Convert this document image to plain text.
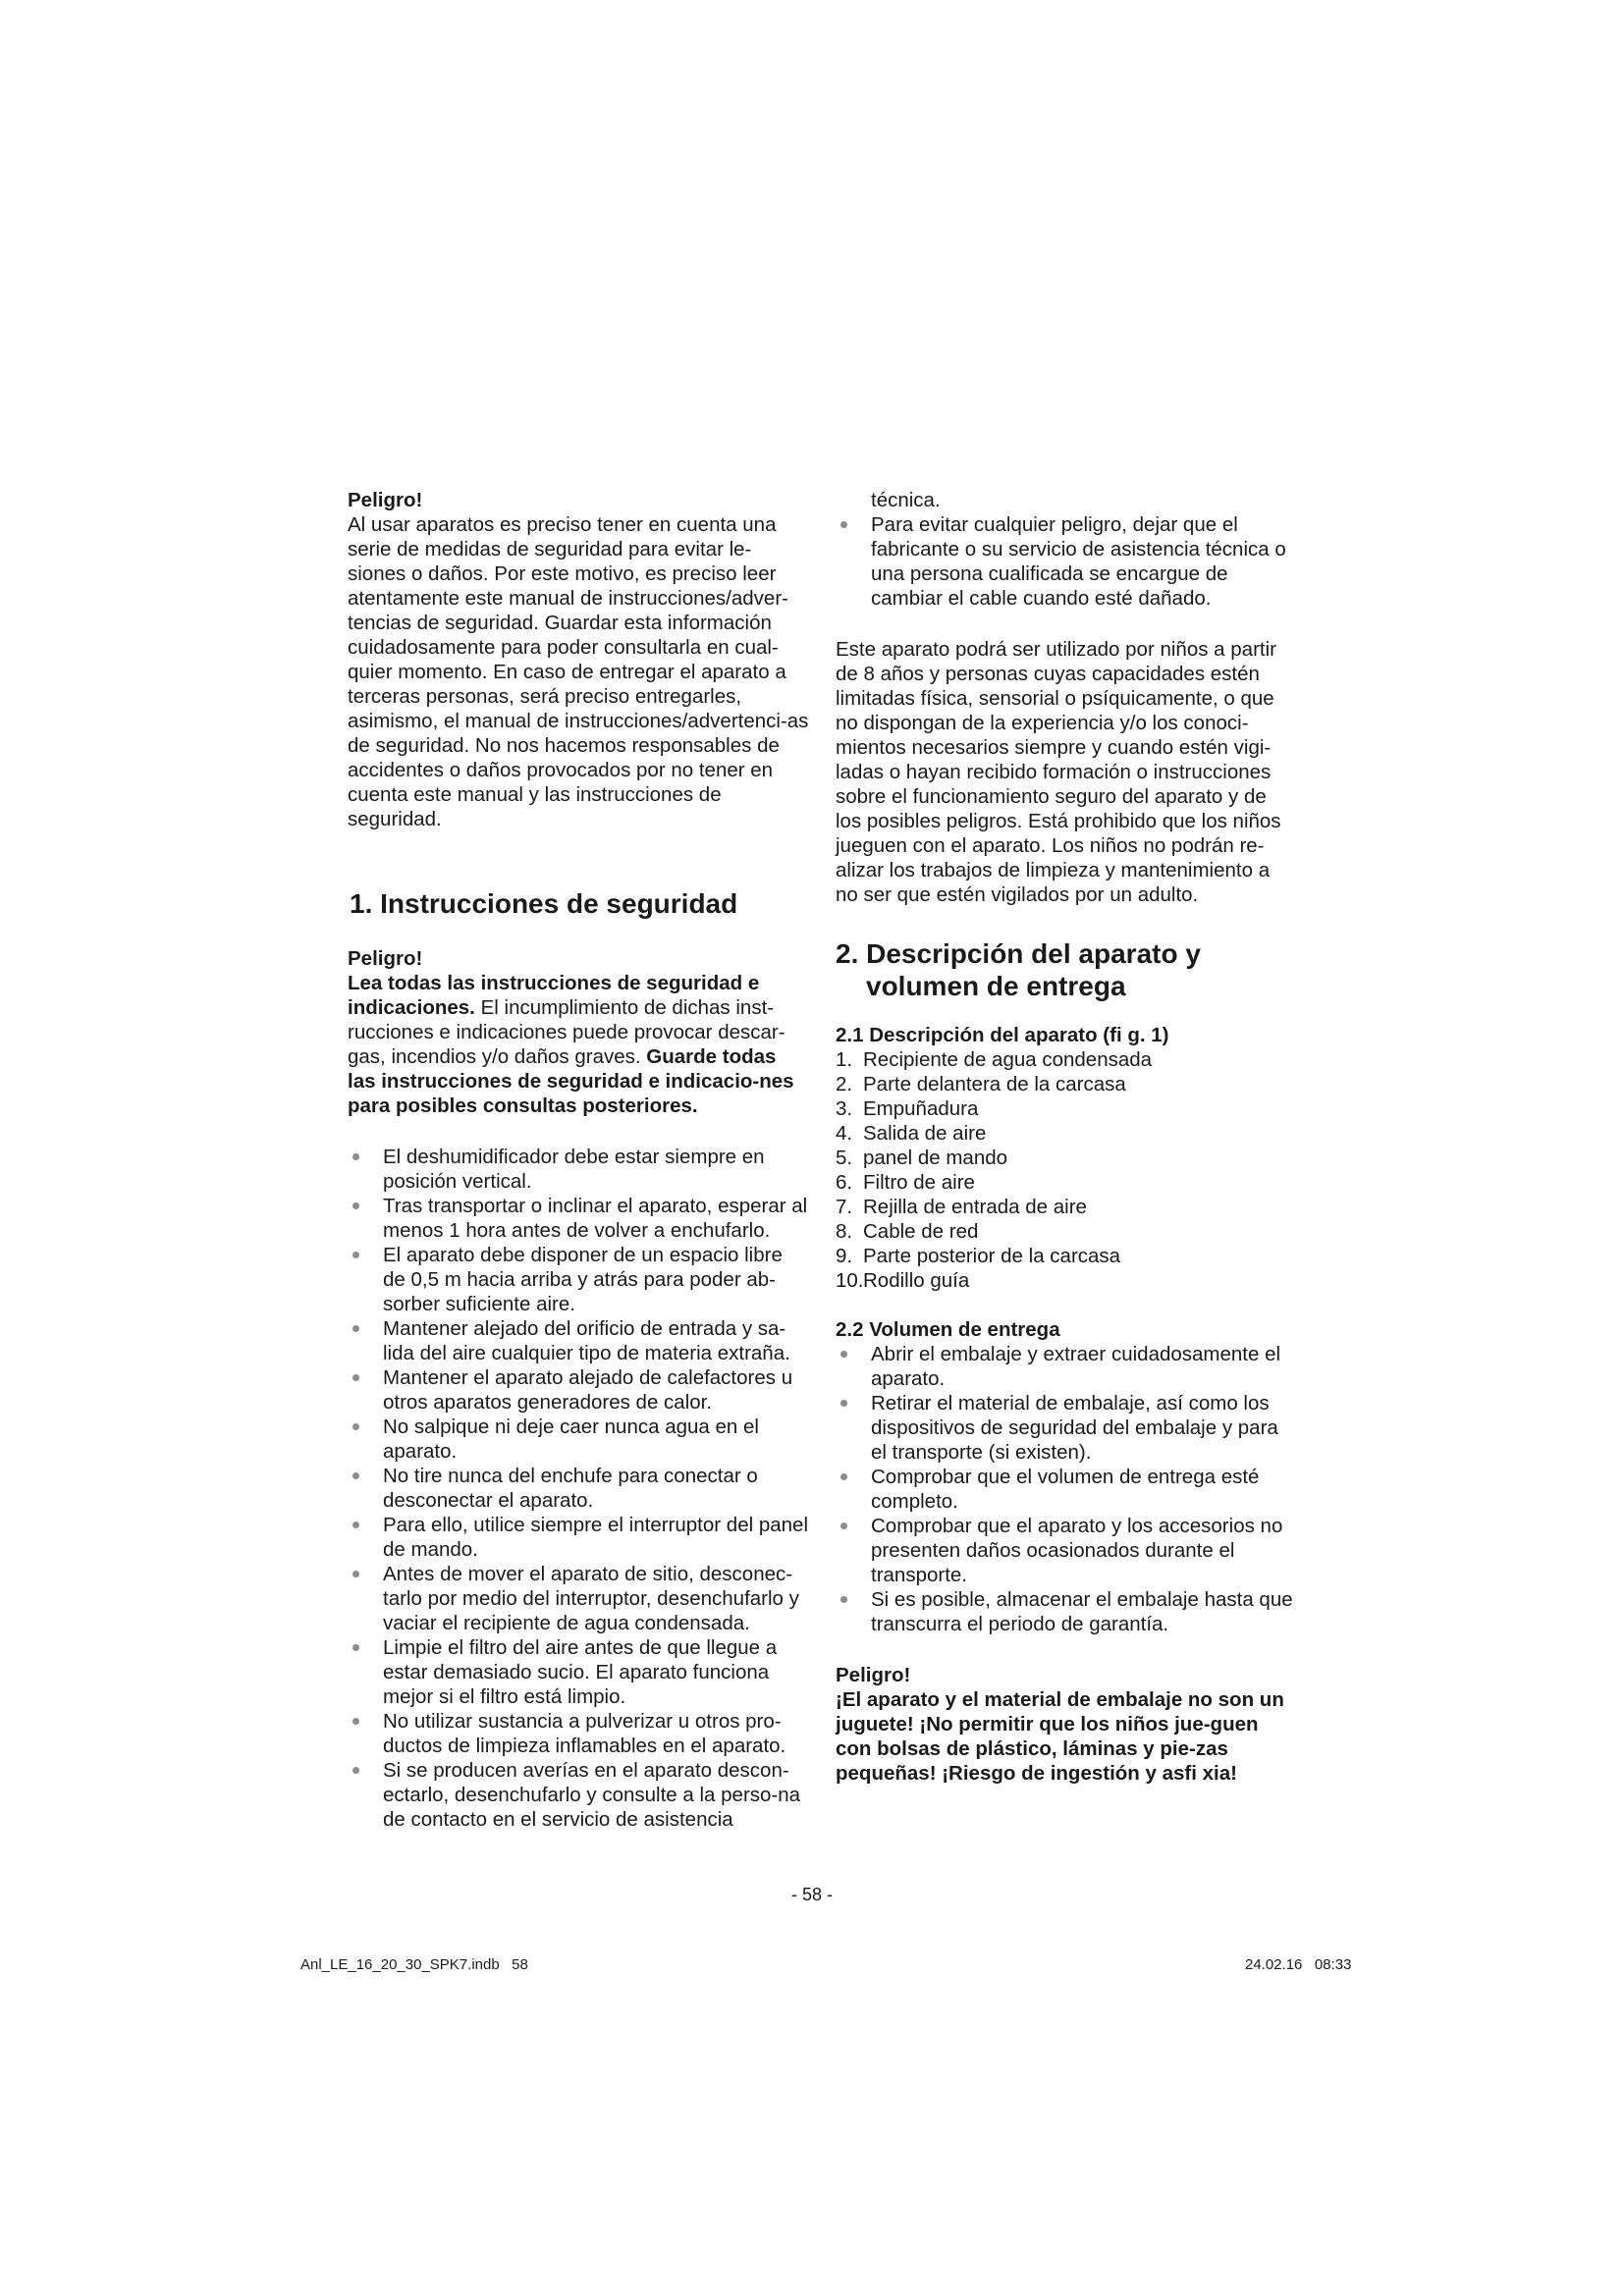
Peligro!

Al usar aparatos es preciso tener en cuenta una serie de medidas de seguridad para evitar le-siones o daños. Por este motivo, es preciso leer atentamente este manual de instrucciones/adver-tencias de seguridad. Guardar esta información cuidadosamente para poder consultarla en cual-quier momento. En caso de entregar el aparato a terceras personas, será preciso entregarles, asimismo, el manual de instrucciones/advertenci-as de seguridad. No nos hacemos responsables de accidentes o daños provocados por no tener en cuenta este manual y las instrucciones de seguridad.

1. Instrucciones de seguridad

Peligro!

Lea todas las instrucciones de seguridad e indicaciones. El incumplimiento de dichas inst-rucciones e indicaciones puede provocar descar-gas, incendios y/o daños graves. Guarde todas las instrucciones de seguridad e indicacio-nes para posibles consultas posteriores.

El deshumidificador debe estar siempre en posición vertical.
Tras transportar o inclinar el aparato, esperar al menos 1 hora antes de volver a enchufarlo.
El aparato debe disponer de un espacio libre de 0,5 m hacia arriba y atrás para poder ab-sorber suficiente aire.
Mantener alejado del orificio de entrada y sa-lida del aire cualquier tipo de materia extraña.
Mantener el aparato alejado de calefactores u otros aparatos generadores de calor.
No salpique ni deje caer nunca agua en el aparato.
No tire nunca del enchufe para conectar o desconectar el aparato.
Para ello, utilice siempre el interruptor del panel de mando.
Antes de mover el aparato de sitio, desconec-tarlo por medio del interruptor, desenchufarlo y vaciar el recipiente de agua condensada.
Limpie el filtro del aire antes de que llegue a estar demasiado sucio. El aparato funciona mejor si el filtro está limpio.
No utilizar sustancia a pulverizar u otros pro-ductos de limpieza inflamables en el aparato.
Si se producen averías en el aparato descon-ectarlo, desenchufarlo y consulte a la perso-na de contacto en el servicio de asistencia

técnica.

Para evitar cualquier peligro, dejar que el fabricante o su servicio de asistencia técnica o una persona cualificada se encargue de cambiar el cable cuando esté dañado.

Este aparato podrá ser utilizado por niños a partir de 8 años y personas cuyas capacidades estén limitadas física, sensorial o psíquicamente, o que no dispongan de la experiencia y/o los conoci-mientos necesarios siempre y cuando estén vigi-ladas o hayan recibido formación o instrucciones sobre el funcionamiento seguro del aparato y de los posibles peligros. Está prohibido que los niños jueguen con el aparato. Los niños no podrán re-alizar los trabajos de limpieza y mantenimiento a no ser que estén vigilados por un adulto.

2. Descripción del aparato y
volumen de entrega
2.1 Descripción del aparato (fi g. 1)
1. Recipiente de agua condensada
2. Parte delantera de la carcasa
3. Empuñadura
4. Salida de aire
5. panel de mando
6. Filtro de aire
7. Rejilla de entrada de aire
8. Cable de red
9. Parte posterior de la carcasa
10. Rodillo guía
2.2 Volumen de entrega
Abrir el embalaje y extraer cuidadosamente el aparato.
Retirar el material de embalaje, así como los dispositivos de seguridad del embalaje y para el transporte (si existen).
Comprobar que el volumen de entrega esté completo.
Comprobar que el aparato y los accesorios no presenten daños ocasionados durante el transporte.
Si es posible, almacenar el embalaje hasta que transcurra el periodo de garantía.

Peligro!

¡El aparato y el material de embalaje no son un juguete! ¡No permitir que los niños jue-guen con bolsas de plástico, láminas y pie-zas pequeñas! ¡Riesgo de ingestión y asfi xia!

- 58 -
Anl_LE_16_20_30_SPK7.indb   58	24.02.16   08:33
